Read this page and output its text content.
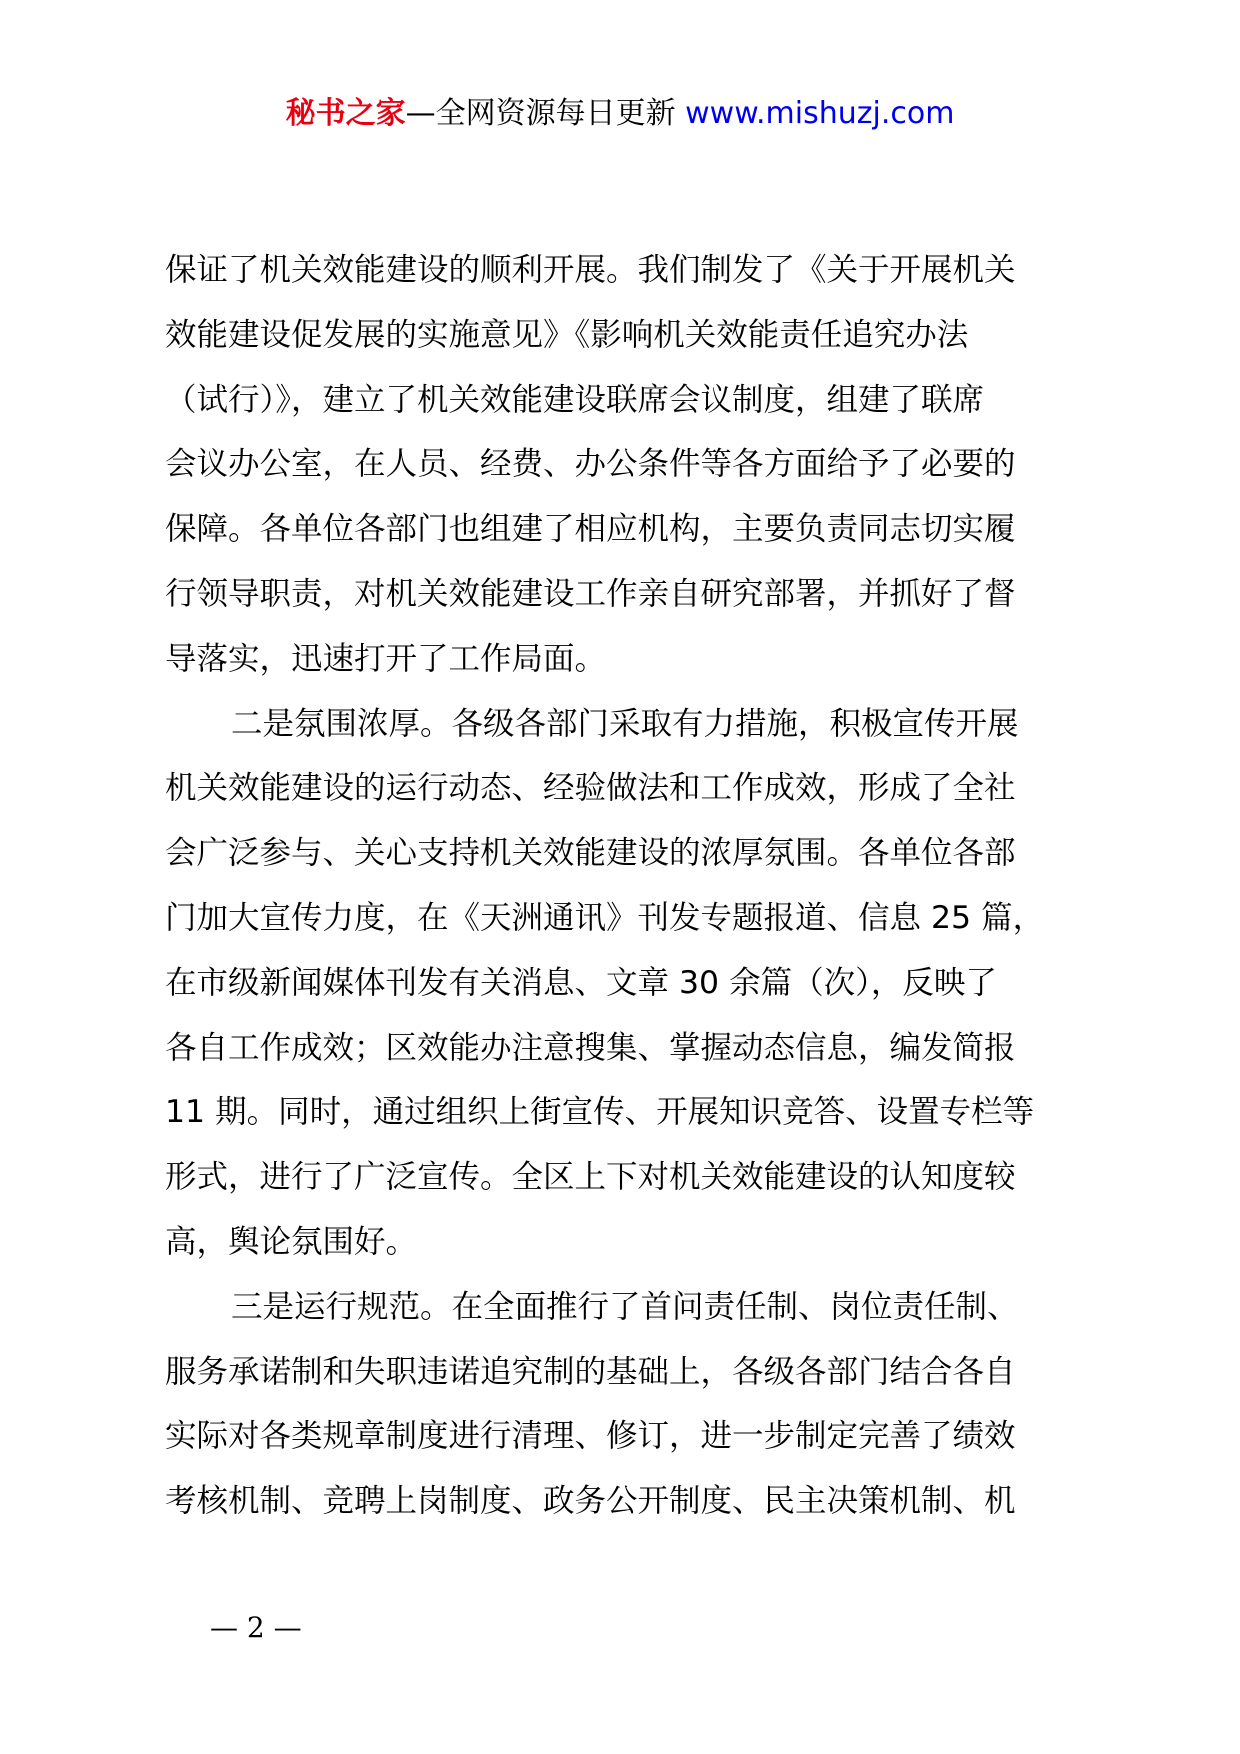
秘书之家—全网资源每日更新 www.mishuzj.com
保证了机关效能建设的顺利开展。我们制发了《关于开展机关
效能建设促发展的实施意见》《影响机关效能责任追究办法
（试行）》，建立了机关效能建设联席会议制度，组建了联席
会议办公室，在人员、经费、办公条件等各方面给予了必要的
保障。各单位各部门也组建了相应机构，主要负责同志切实履
行领导职责，对机关效能建设工作亲自研究部署，并抓好了督
导落实，迅速打开了工作局面。
二是氛围浓厚。各级各部门采取有力措施，积极宣传开展
机关效能建设的运行动态、经验做法和工作成效，形成了全社
会广泛参与、关心支持机关效能建设的浓厚氛围。各单位各部
门加大宣传力度，在《天洲通讯》刊发专题报道、信息 25 篇，
在市级新闻媒体刊发有关消息、文章 30 余篇（次），反映了
各自工作成效；区效能办注意搜集、掌握动态信息，编发简报
11 期。同时，通过组织上街宣传、开展知识竞答、设置专栏等
形式，进行了广泛宣传。全区上下对机关效能建设的认知度较
高，舆论氛围好。
三是运行规范。在全面推行了首问责任制、岗位责任制、
服务承诺制和失职违诺追究制的基础上，各级各部门结合各自
实际对各类规章制度进行清理、修订，进一步制定完善了绩效
考核机制、竞聘上岗制度、政务公开制度、民主决策机制、机
— 2 —
